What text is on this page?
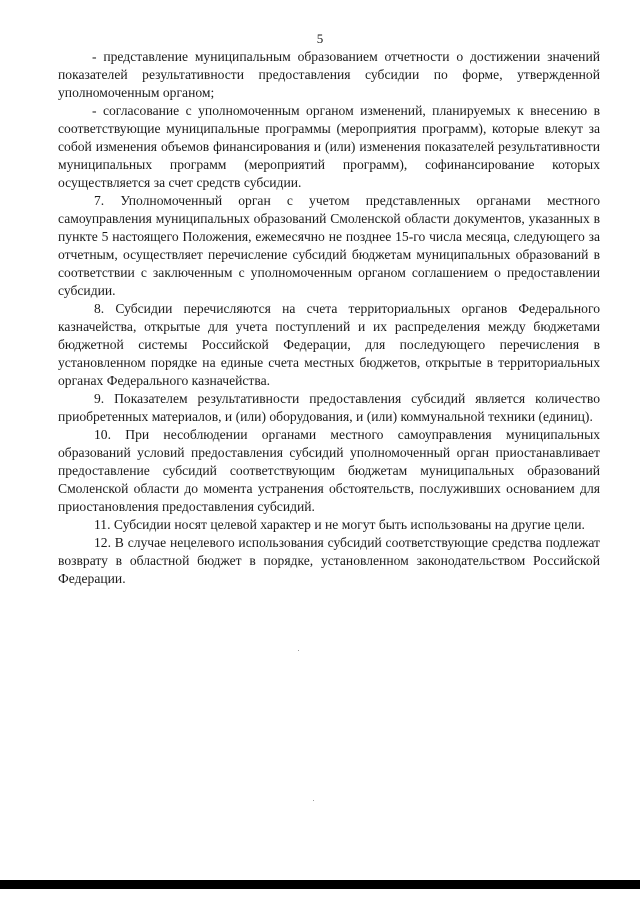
5

- представление муниципальным образованием отчетности о достижении значений показателей результативности предоставления субсидии по форме, утвержденной уполномоченным органом;

- согласование с уполномоченным органом изменений, планируемых к внесению в соответствующие муниципальные программы (мероприятия программ), которые влекут за собой изменения объемов финансирования и (или) изменения показателей результативности муниципальных программ (мероприятий программ), софинансирование которых осуществляется за счет средств субсидии.

7. Уполномоченный орган с учетом представленных органами местного самоуправления муниципальных образований Смоленской области документов, указанных в пункте 5 настоящего Положения, ежемесячно не позднее 15-го числа месяца, следующего за отчетным, осуществляет перечисление субсидий бюджетам муниципальных образований в соответствии с заключенным с уполномоченным органом соглашением о предоставлении субсидии.

8. Субсидии перечисляются на счета территориальных органов Федерального казначейства, открытые для учета поступлений и их распределения между бюджетами бюджетной системы Российской Федерации, для последующего перечисления в установленном порядке на единые счета местных бюджетов, открытые в территориальных органах Федерального казначейства.

9. Показателем результативности предоставления субсидий является количество приобретенных материалов, и (или) оборудования, и (или) коммунальной техники (единиц).

10. При несоблюдении органами местного самоуправления муниципальных образований условий предоставления субсидий уполномоченный орган приостанавливает предоставление субсидий соответствующим бюджетам муниципальных образований Смоленской области до момента устранения обстоятельств, послуживших основанием для приостановления предоставления субсидий.

11. Субсидии носят целевой характер и не могут быть использованы на другие цели.

12. В случае нецелевого использования субсидий соответствующие средства подлежат возврату в областной бюджет в порядке, установленном законодательством Российской Федерации.
